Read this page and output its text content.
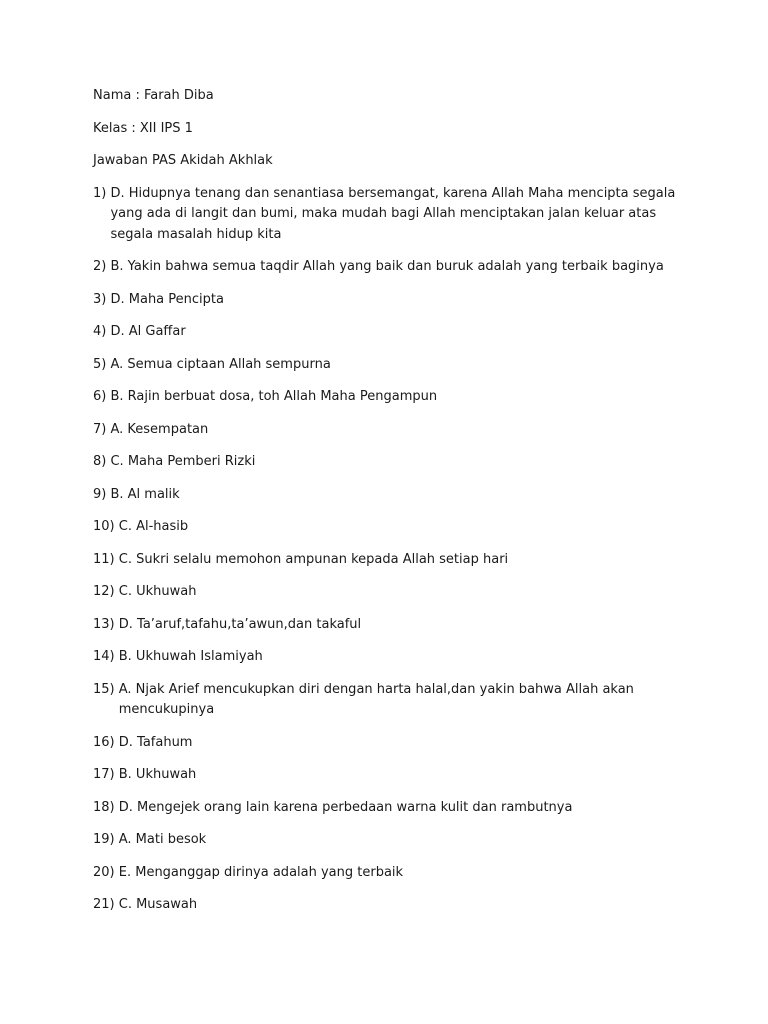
Nama : Farah Diba

Kelas : XII IPS 1

Jawaban PAS Akidah Akhlak

1) D. Hidupnya tenang dan senantiasa bersemangat, karena Allah Maha mencipta segala yang ada di langit dan bumi, maka mudah bagi Allah menciptakan jalan keluar atas segala masalah hidup kita
2) B. Yakin bahwa semua taqdir Allah yang baik dan buruk adalah yang terbaik baginya
3) D. Maha Pencipta
4) D. Al Gaffar
5) A. Semua ciptaan Allah sempurna
6) B. Rajin berbuat dosa, toh Allah Maha Pengampun
7) A. Kesempatan
8) C. Maha Pemberi Rizki
9) B. Al malik
10) C. Al-hasib
11) C. Sukri selalu memohon ampunan kepada Allah setiap hari
12) C. Ukhuwah
13) D. Ta’aruf,tafahu,ta’awun,dan takaful
14) B. Ukhuwah Islamiyah
15) A. Njak Arief mencukupkan diri dengan harta halal,dan yakin bahwa Allah akan mencukupinya
16) D. Tafahum
17) B. Ukhuwah
18) D. Mengejek orang lain karena perbedaan warna kulit dan rambutnya
19) A. Mati besok
20) E. Menganggap dirinya adalah yang terbaik
21) C. Musawah
